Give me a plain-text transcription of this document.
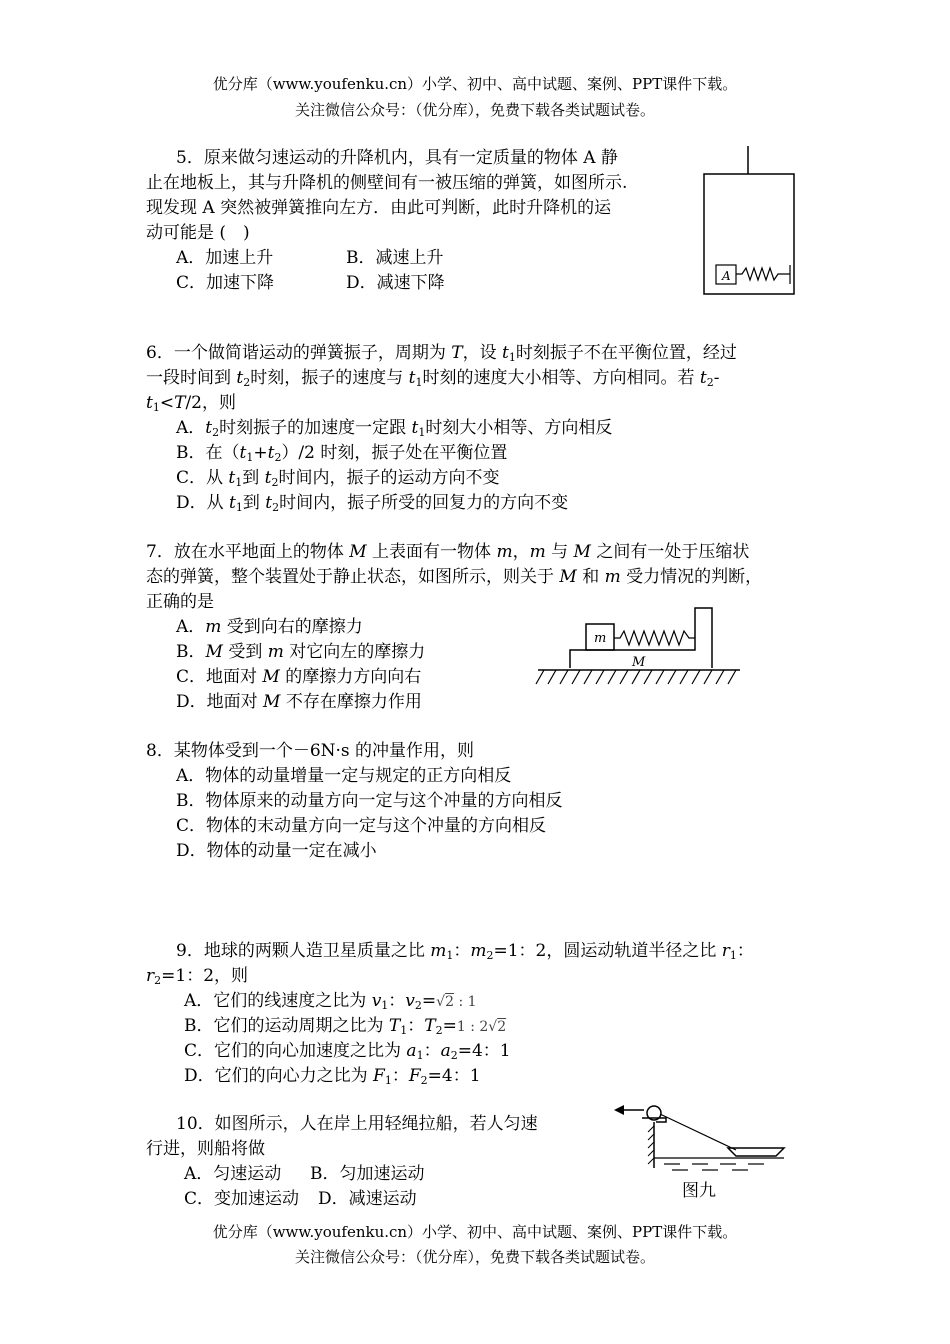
优分库（www.youfenku.cn）小学、初中、高中试题、案例、PPT课件下载。
关注微信公众号：（优分库），免费下载各类试题试卷。
5．原来做匀速运动的升降机内，具有一定质量的物体 A 静
止在地板上，其与升降机的侧壁间有一被压缩的弹簧，如图所示.
现发现 A 突然被弹簧推向左方．由此可判断，此时升降机的运
动可能是 (　)
A．加速上升	B．减速上升
C．加速下降	D．减速下降	A
6．一个做简谐运动的弹簧振子，周期为 T，设 $t_1$时刻振子不在平衡位置，经过
一段时间到 $t_2$时刻，振子的速度与 $t_1$时刻的速度大小相等、方向相同。若 $t_2-$
$t_1<T/2$，则
A．$t_2$时刻振子的加速度一定跟 $t_1$时刻大小相等、方向相反
B．在$(t_1+t_2)/2$ 时刻，振子处在平衡位置
C．从 $t_1$到 $t_2$时间内，振子的运动方向不变
D．从 $t_1$到 $t_2$时间内，振子所受的回复力的方向不变
7．放在水平地面上的物体 M 上表面有一物体 m，m 与 M 之间有一处于压缩状
态的弹簧，整个装置处于静止状态，如图所示，则关于 M 和 m 受力情况的判断，
正确的是
A．m 受到向右的摩擦力
B．M 受到 m 对它向左的摩擦力
C．地面对 M 的摩擦力方向向右
D．地面对 M 不存在摩擦力作用
m
M
8．某物体受到一个－6N·s 的冲量作用，则
A．物体的动量增量一定与规定的正方向相反
B．物体原来的动量方向一定与这个冲量的方向相反
C．物体的末动量方向一定与这个冲量的方向相反
D．物体的动量一定在减小
9．地球的两颗人造卫星质量之比 $m_1$：$m_2=1$：2，圆运动轨道半径之比 $r_1$：
$r_2=1$：2，则
A．它们的线速度之比为 $v_1$：$v_2=√2$ : 1
B．它们的运动周期之比为 $T_1$：$T_2=1$ : 2√2
C．它们的向心加速度之比为 $a_1$：$a_2=4$：1
D．它们的向心力之比为 $F_1$：$F_2=4$：1
10．如图所示，人在岸上用轻绳拉船，若人匀速
行进，则船将做
A．匀速运动 B．匀加速运动
C．变加速运动 D．减速运动	图九
优分库（www.youfenku.cn）小学、初中、高中试题、案例、PPT课件下载。
关注微信公众号：（优分库），免费下载各类试题试卷。
